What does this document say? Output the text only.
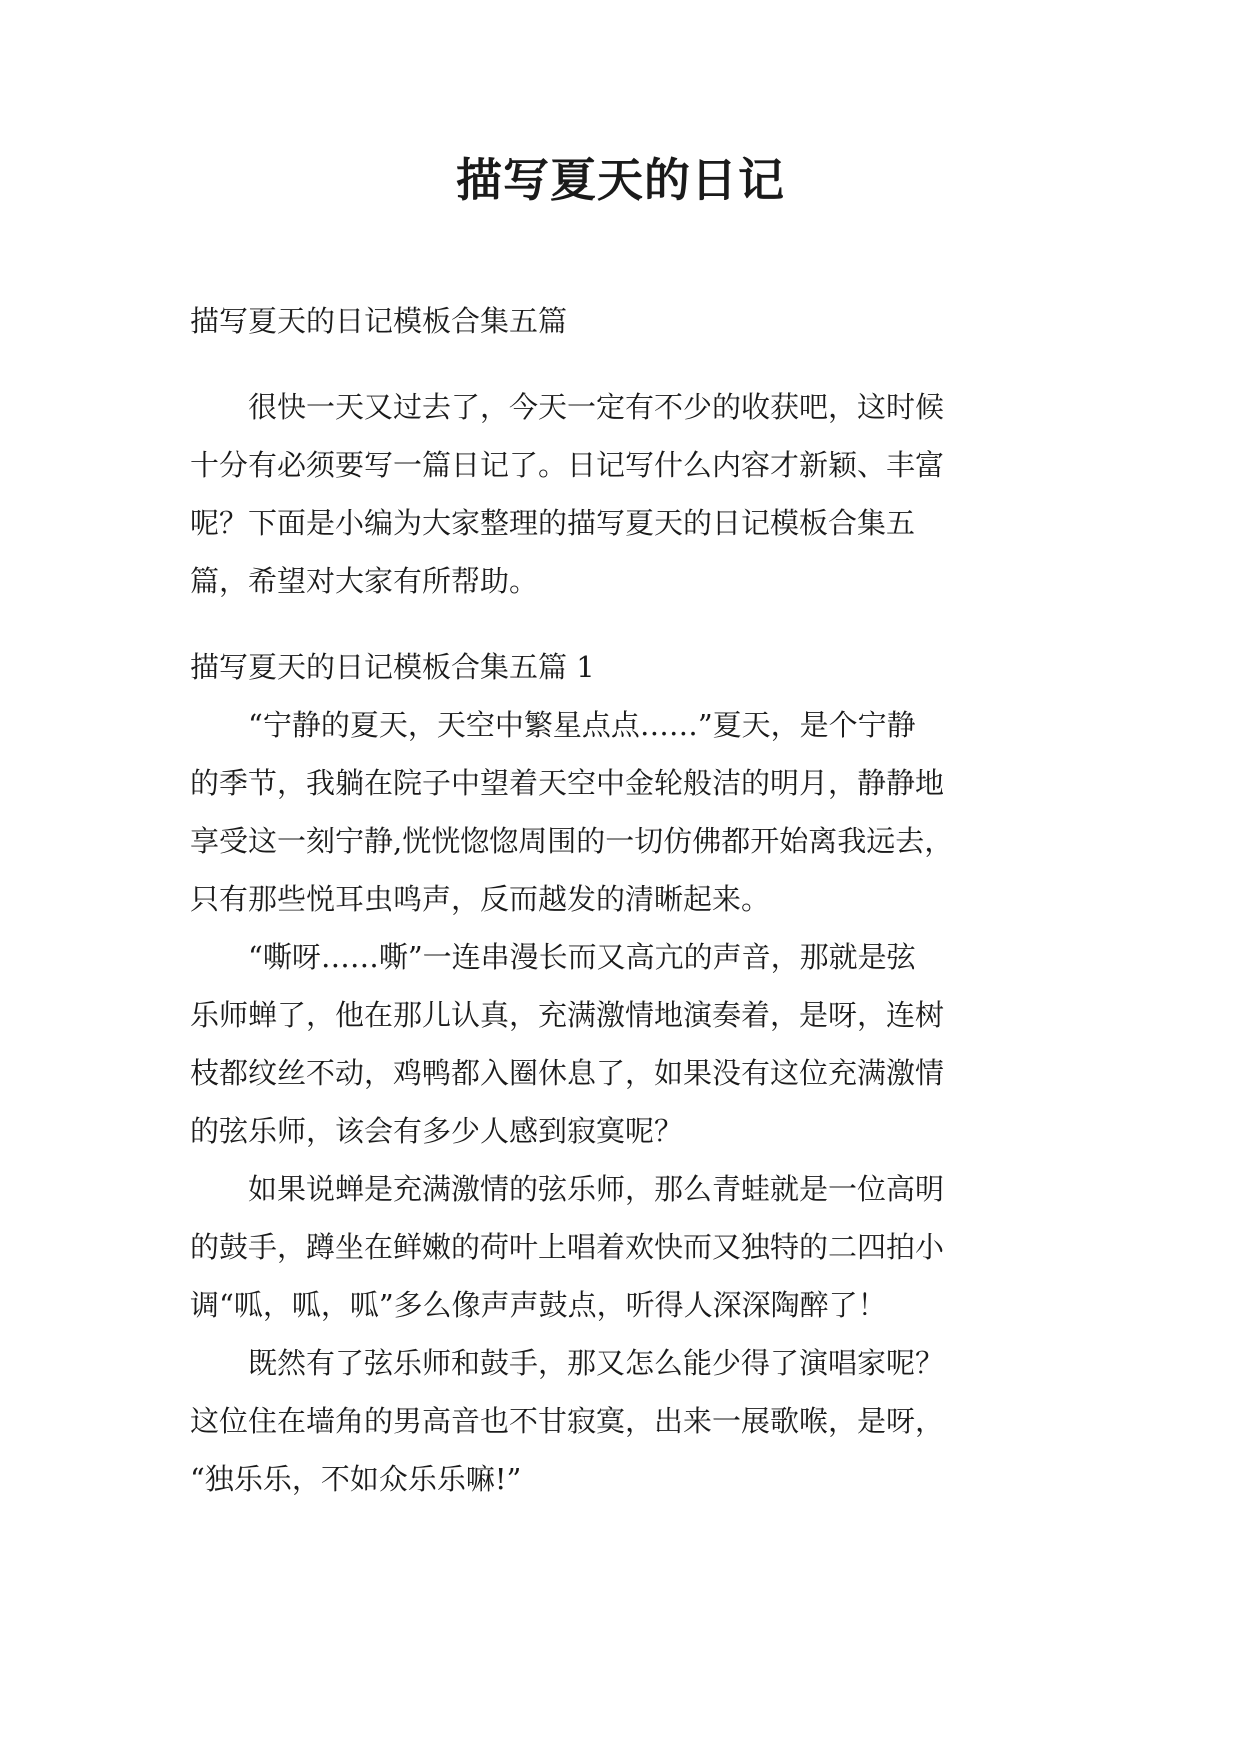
描写夏天的日记

描写夏天的日记模板合集五篇

　　很快一天又过去了，今天一定有不少的收获吧，这时候

十分有必须要写一篇日记了。日记写什么内容才新颖、丰富

呢？下面是小编为大家整理的描写夏天的日记模板合集五

篇，希望对大家有所帮助。

描写夏天的日记模板合集五篇 1

　　“宁静的夏天，天空中繁星点点……”夏天，是个宁静

的季节，我躺在院子中望着天空中金轮般洁的明月，静静地

享受这一刻宁静,恍恍惚惚周围的一切仿佛都开始离我远去，

只有那些悦耳虫鸣声，反而越发的清晰起来。

　　“嘶呀……嘶”一连串漫长而又高亢的声音，那就是弦

乐师蝉了，他在那儿认真，充满激情地演奏着，是呀，连树

枝都纹丝不动，鸡鸭都入圈休息了，如果没有这位充满激情

的弦乐师，该会有多少人感到寂寞呢？

　　如果说蝉是充满激情的弦乐师，那么青蛙就是一位高明

的鼓手，蹲坐在鲜嫩的荷叶上唱着欢快而又独特的二四拍小

调“呱，呱，呱”多么像声声鼓点，听得人深深陶醉了！

　　既然有了弦乐师和鼓手，那又怎么能少得了演唱家呢？

这位住在墙角的男高音也不甘寂寞，出来一展歌喉，是呀，

“独乐乐，不如众乐乐嘛!”
